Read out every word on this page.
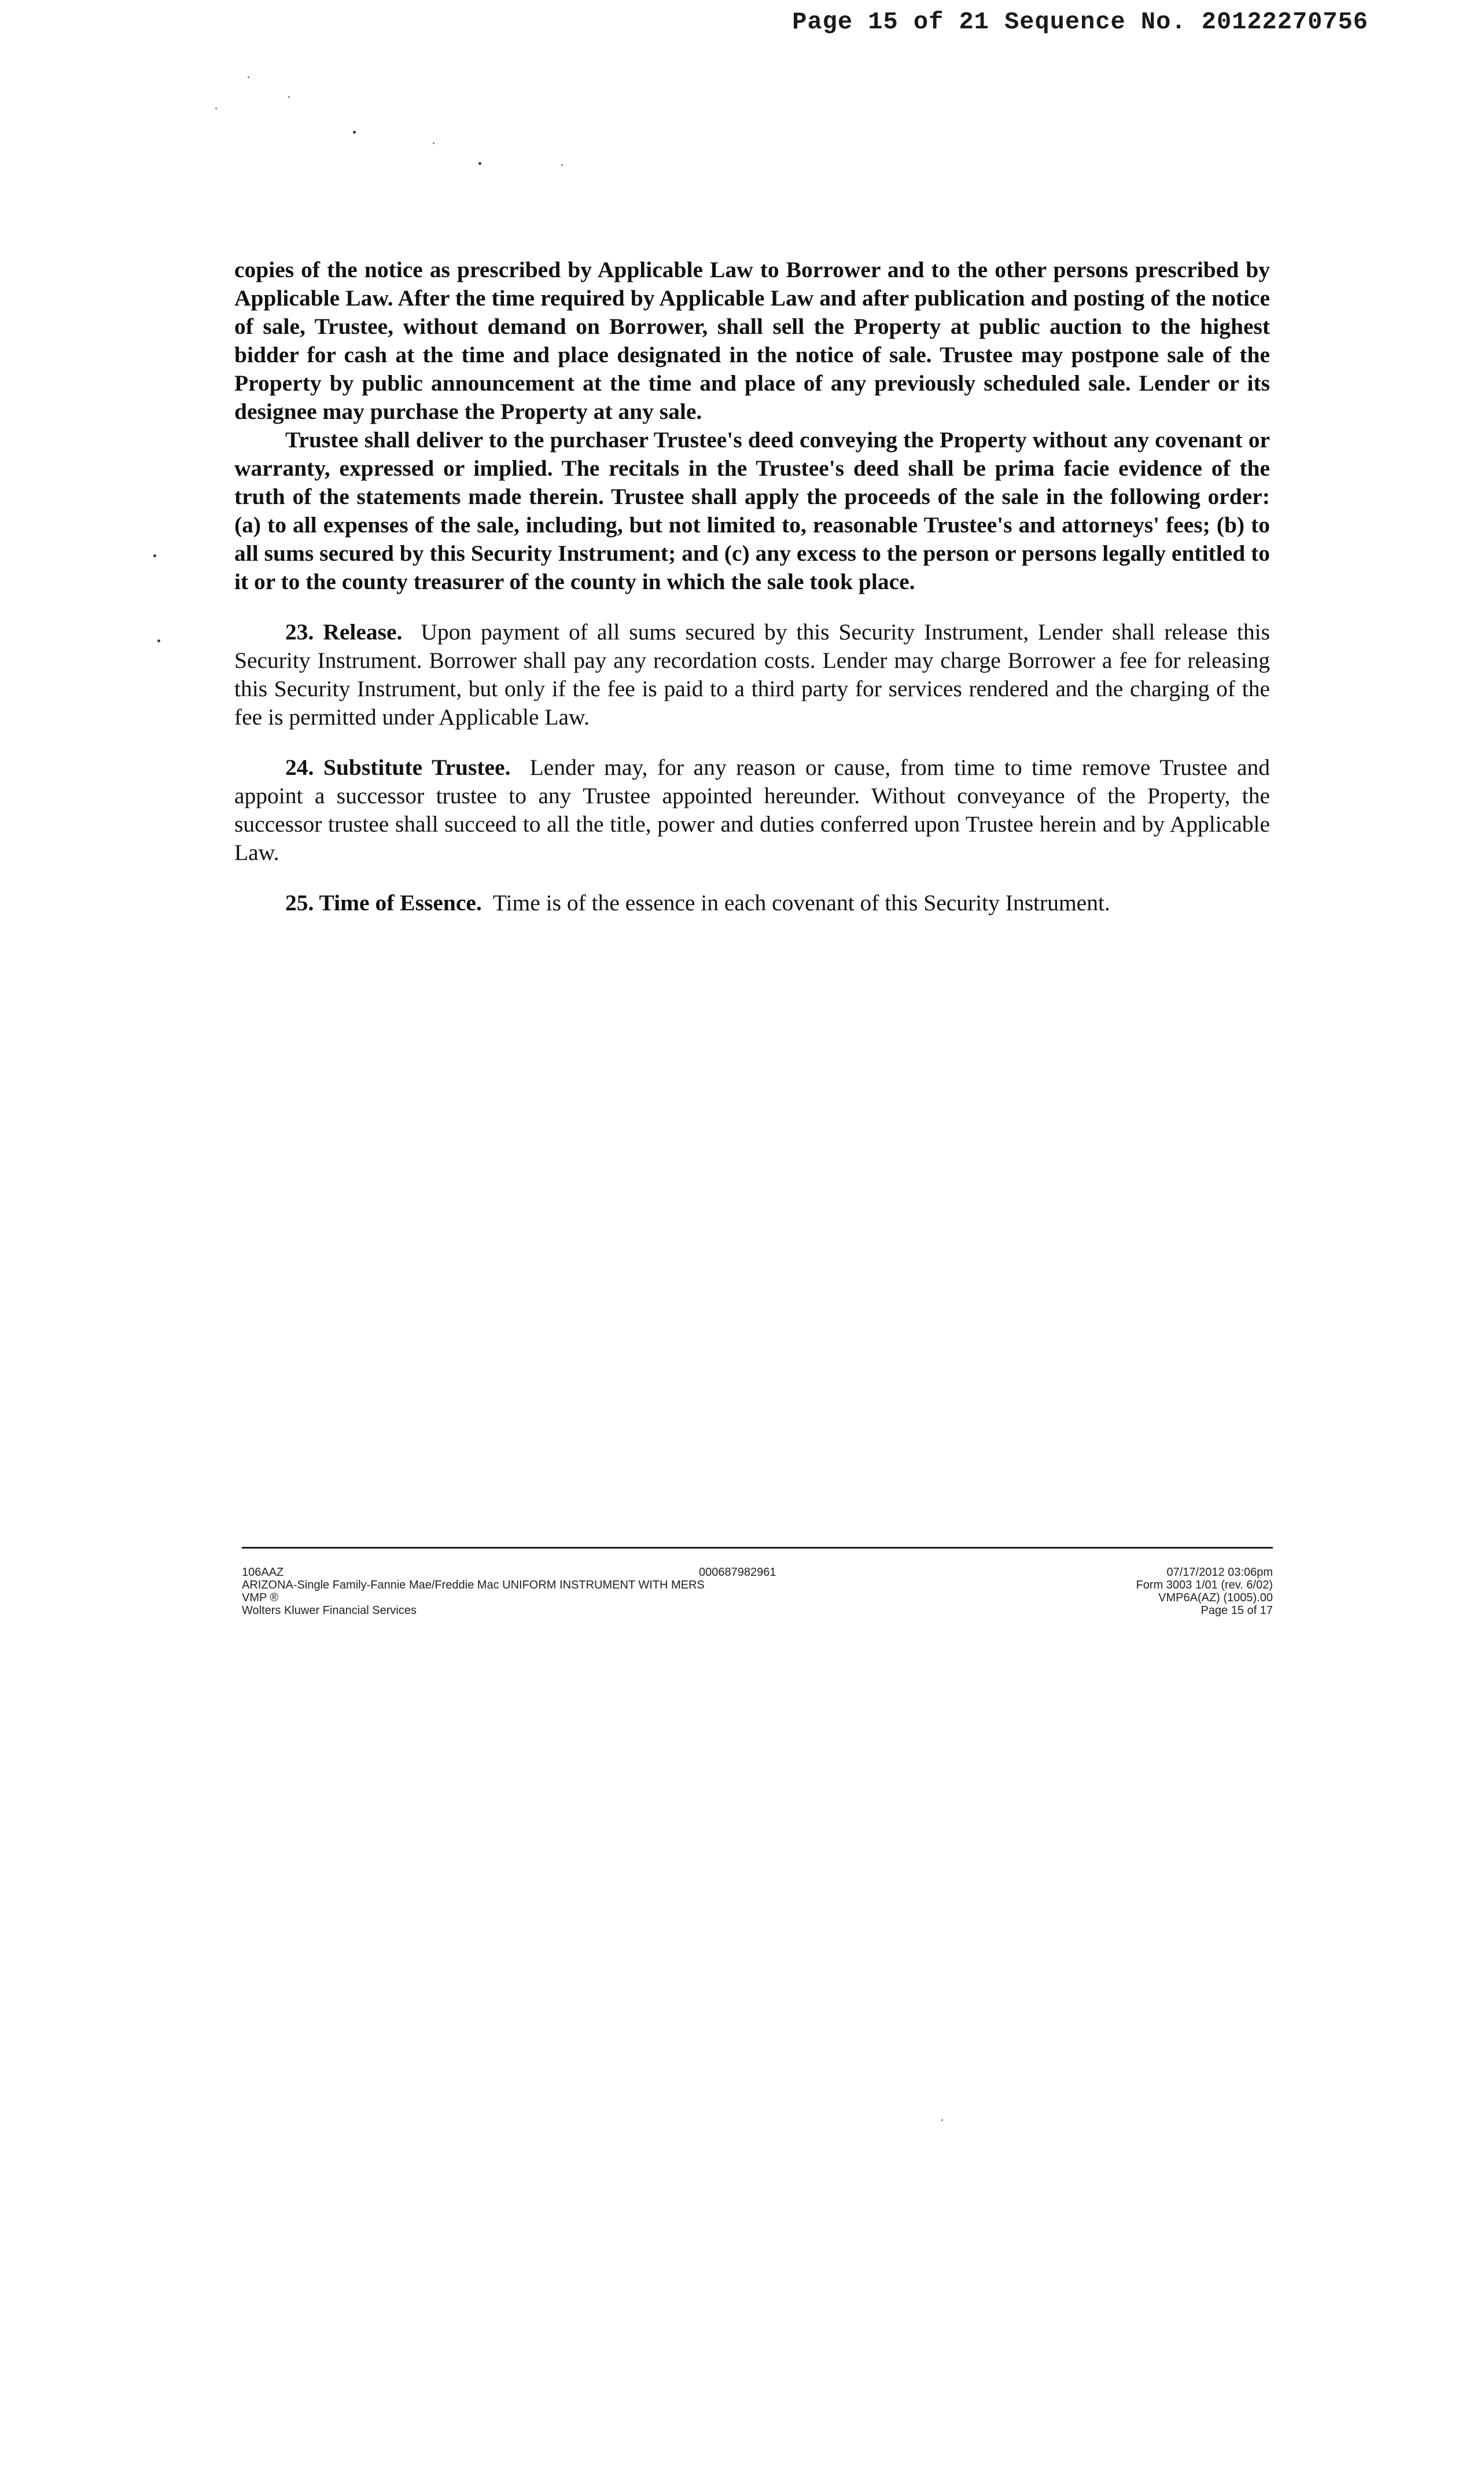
Page 15 of 21 Sequence No. 20122270756

copies of the notice as prescribed by Applicable Law to Borrower and to the other persons prescribed by Applicable Law. After the time required by Applicable Law and after publication and posting of the notice of sale, Trustee, without demand on Borrower, shall sell the Property at public auction to the highest bidder for cash at the time and place designated in the notice of sale. Trustee may postpone sale of the Property by public announcement at the time and place of any previously scheduled sale. Lender or its designee may purchase the Property at any sale.

Trustee shall deliver to the purchaser Trustee's deed conveying the Property without any covenant or warranty, expressed or implied. The recitals in the Trustee's deed shall be prima facie evidence of the truth of the statements made therein. Trustee shall apply the proceeds of the sale in the following order: (a) to all expenses of the sale, including, but not limited to, reasonable Trustee's and attorneys' fees; (b) to all sums secured by this Security Instrument; and (c) any excess to the person or persons legally entitled to it or to the county treasurer of the county in which the sale took place.

23. Release. Upon payment of all sums secured by this Security Instrument, Lender shall release this Security Instrument. Borrower shall pay any recordation costs. Lender may charge Borrower a fee for releasing this Security Instrument, but only if the fee is paid to a third party for services rendered and the charging of the fee is permitted under Applicable Law.

24. Substitute Trustee. Lender may, for any reason or cause, from time to time remove Trustee and appoint a successor trustee to any Trustee appointed hereunder. Without conveyance of the Property, the successor trustee shall succeed to all the title, power and duties conferred upon Trustee herein and by Applicable Law.

25. Time of Essence. Time is of the essence in each covenant of this Security Instrument.

106AAZ	000687982961
ARIZONA-Single Family-Fannie Mae/Freddie Mac UNIFORM INSTRUMENT WITH MERS
VMP ®
Wolters Kluwer Financial Services
07/17/2012 03:06pm
Form 3003 1/01 (rev. 6/02)
VMP6A(AZ) (1005).00
Page 15 of 17
